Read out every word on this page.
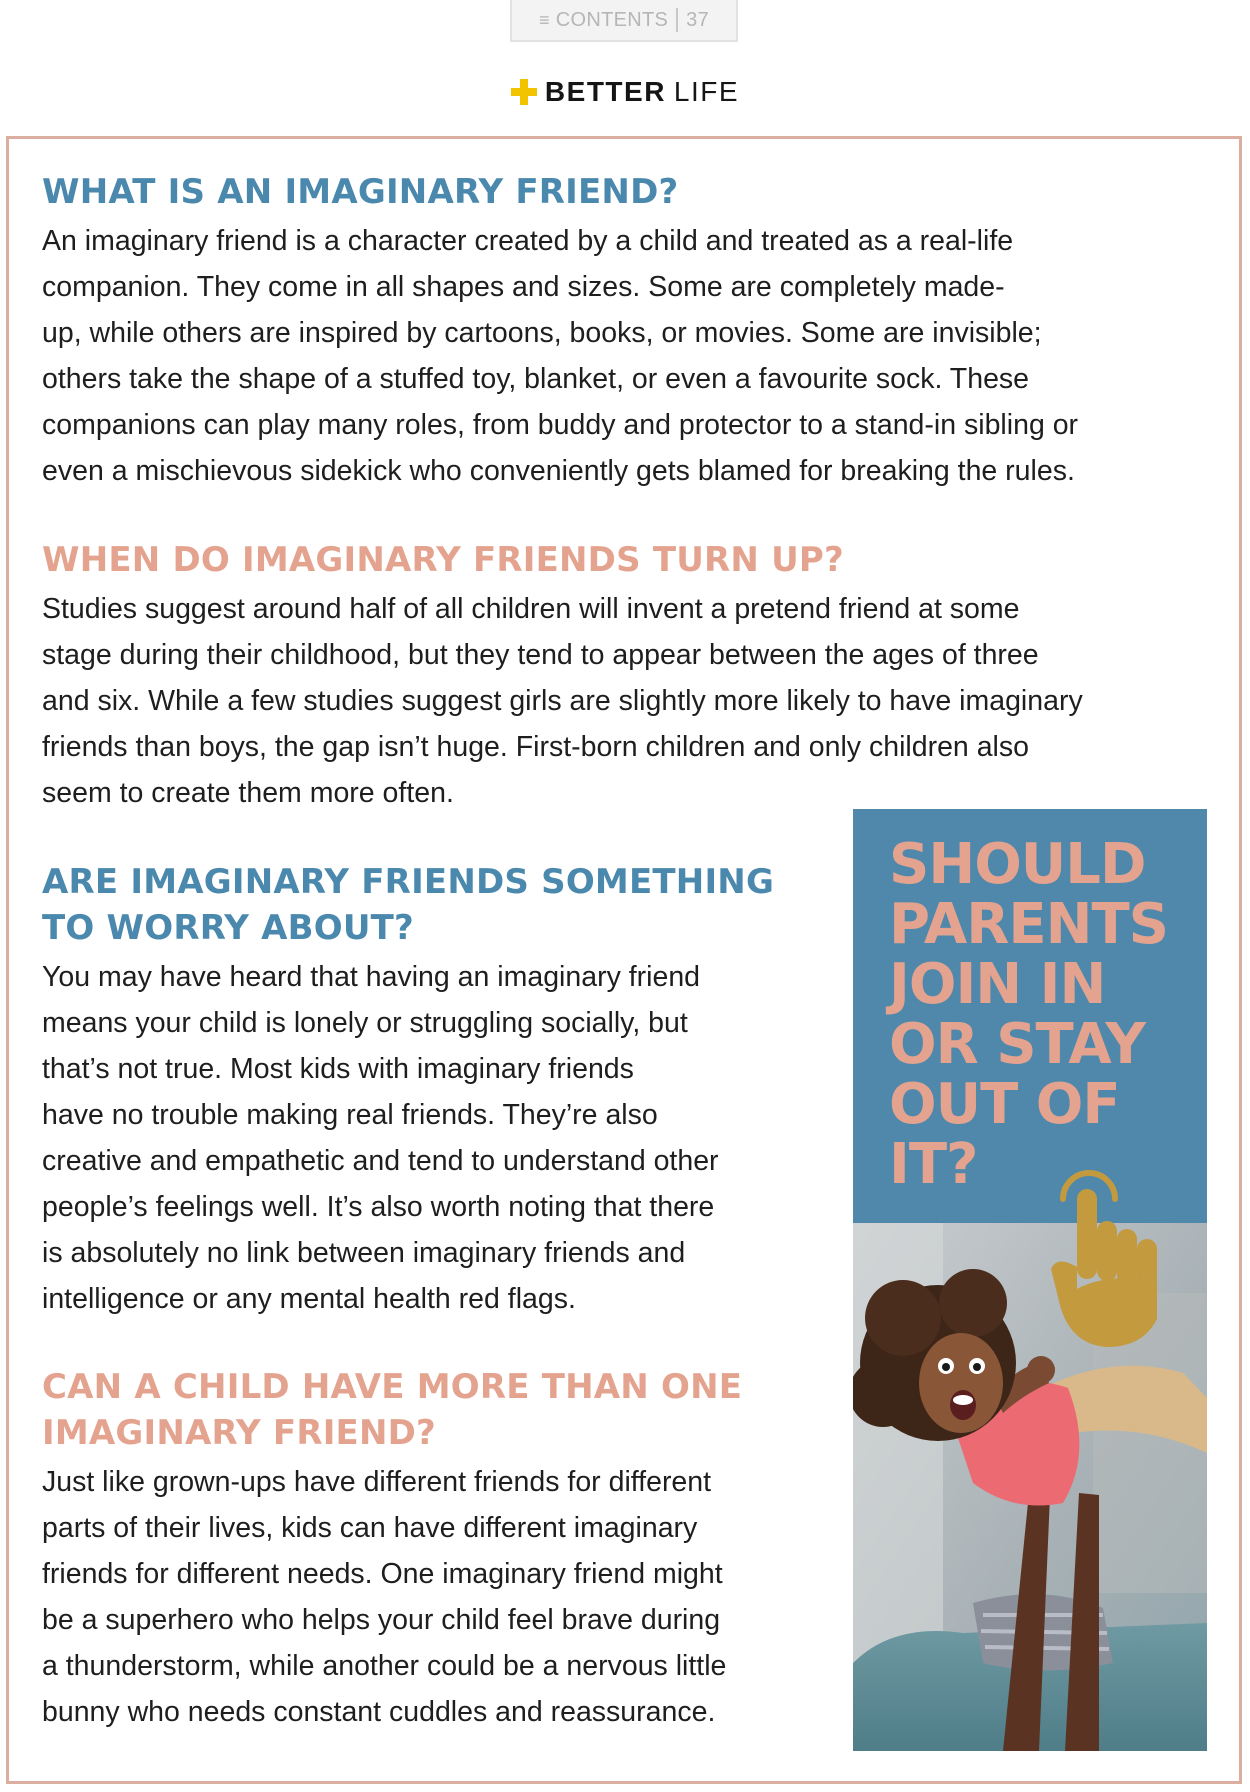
≡ CONTENTS 37
BETTER LIFE
WHAT IS AN IMAGINARY FRIEND?

An imaginary friend is a character created by a child and treated as a real-life
companion. They come in all shapes and sizes. Some are completely made-
up, while others are inspired by cartoons, books, or movies. Some are invisible;
others take the shape of a stuffed toy, blanket, or even a favourite sock. These
companions can play many roles, from buddy and protector to a stand-in sibling or
even a mischievous sidekick who conveniently gets blamed for breaking the rules.

WHEN DO IMAGINARY FRIENDS TURN UP?

Studies suggest around half of all children will invent a pretend friend at some
stage during their childhood, but they tend to appear between the ages of three
and six. While a few studies suggest girls are slightly more likely to have imaginary
friends than boys, the gap isn’t huge. First-born children and only children also
seem to create them more often.

ARE IMAGINARY FRIENDS SOMETHING
TO WORRY ABOUT?

You may have heard that having an imaginary friend
means your child is lonely or struggling socially, but
that’s not true. Most kids with imaginary friends
have no trouble making real friends. They’re also
creative and empathetic and tend to understand other
people’s feelings well. It’s also worth noting that there
is absolutely no link between imaginary friends and
intelligence or any mental health red flags.

CAN A CHILD HAVE MORE THAN ONE
IMAGINARY FRIEND?

Just like grown-ups have different friends for different
parts of their lives, kids can have different imaginary
friends for different needs. One imaginary friend might
be a superhero who helps your child feel brave during
a thunderstorm, while another could be a nervous little
bunny who needs constant cuddles and reassurance.

SHOULD
PARENTS
JOIN IN
OR STAY
OUT OF
IT?
